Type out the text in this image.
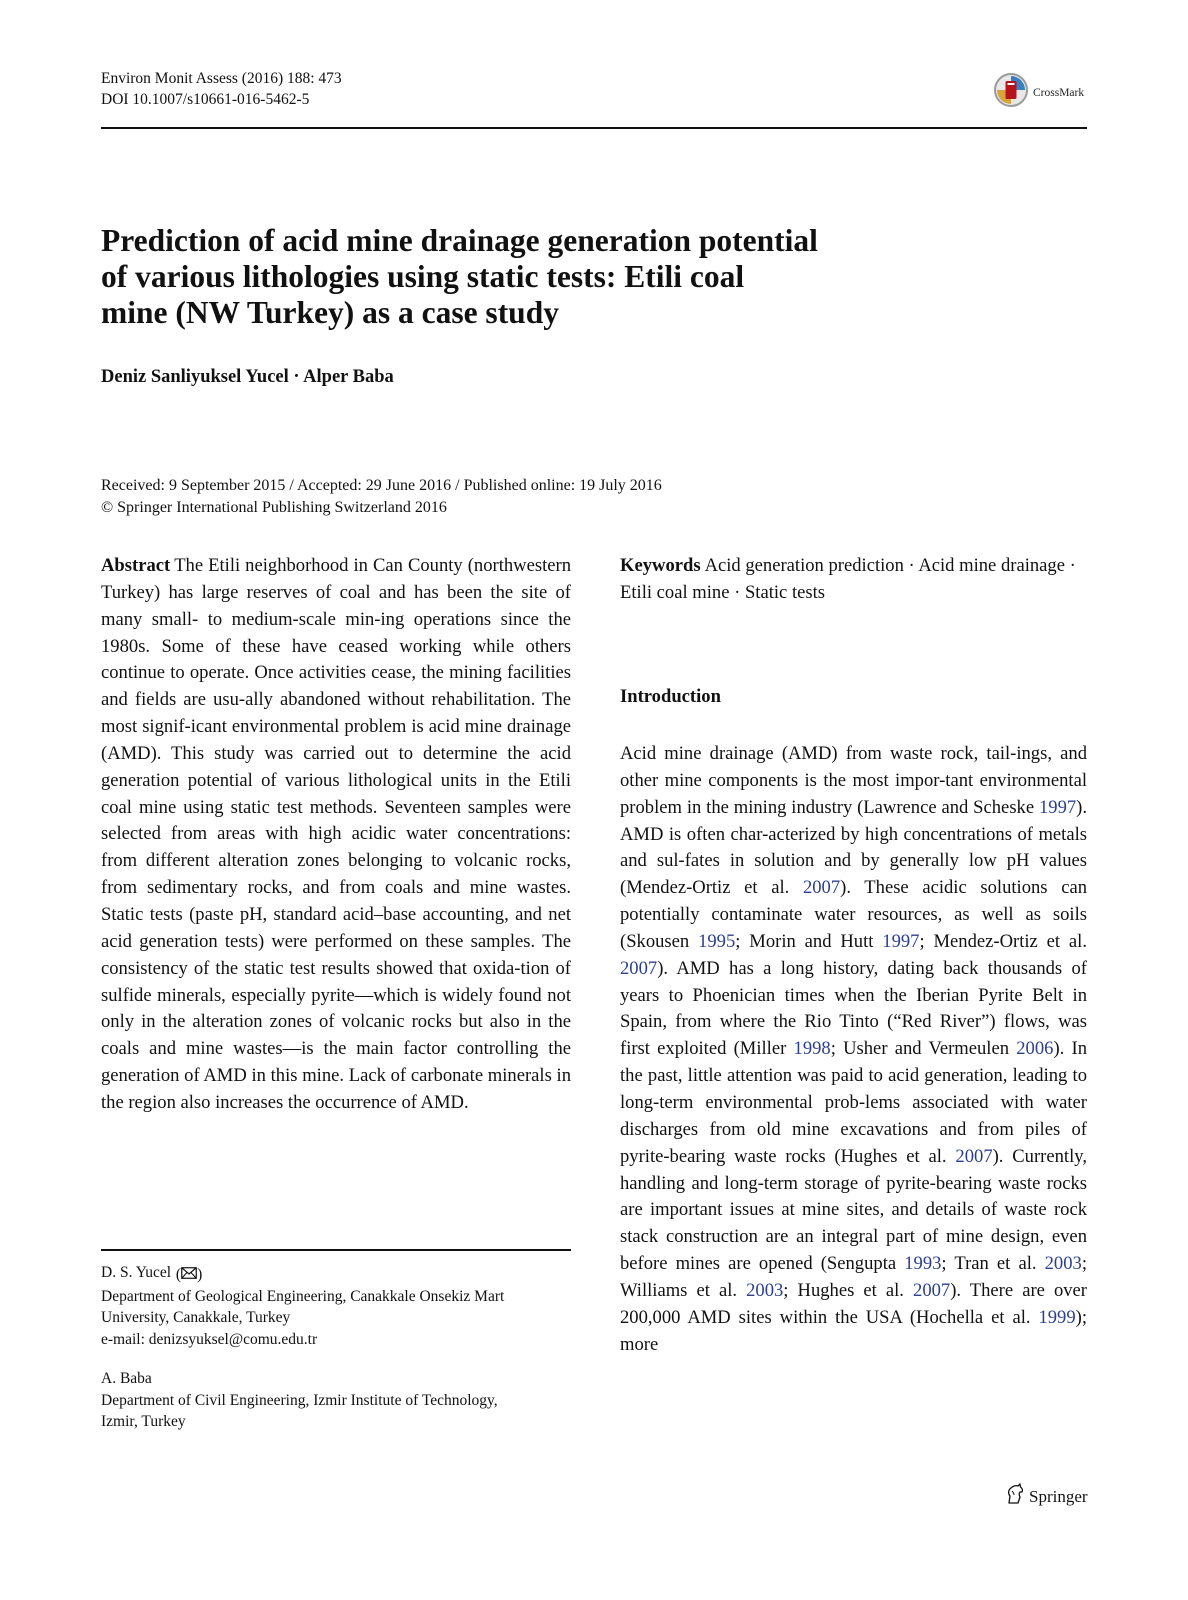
Environ Monit Assess (2016) 188: 473
DOI 10.1007/s10661-016-5462-5	CrossMark
Prediction of acid mine drainage generation potential
of various lithologies using static tests: Etili coal
mine (NW Turkey) as a case study
Deniz Sanliyuksel Yucel · Alper Baba
Received: 9 September 2015 / Accepted: 29 June 2016 / Published online: 19 July 2016
© Springer International Publishing Switzerland 2016

Abstract The Etili neighborhood in Can County (northwestern Turkey) has large reserves of coal and has been the site of many small- to medium-scale min-ing operations since the 1980s. Some of these have ceased working while others continue to operate. Once activities cease, the mining facilities and fields are usu-ally abandoned without rehabilitation. The most signif-icant environmental problem is acid mine drainage (AMD). This study was carried out to determine the acid generation potential of various lithological units in the Etili coal mine using static test methods. Seventeen samples were selected from areas with high acidic water concentrations: from different alteration zones belonging to volcanic rocks, from sedimentary rocks, and from coals and mine wastes. Static tests (paste pH, standard acid–base accounting, and net acid generation tests) were performed on these samples. The consistency of the static test results showed that oxida-tion of sulfide minerals, especially pyrite—which is widely found not only in the alteration zones of volcanic rocks but also in the coals and mine wastes—is the main factor controlling the generation of AMD in this mine. Lack of carbonate minerals in the region also increases the occurrence of AMD.

D. S. Yucel ( )
Department of Geological Engineering, Canakkale Onsekiz Mart
University, Canakkale, Turkey
e-mail: denizsyuksel@comu.edu.tr
A. Baba
Department of Civil Engineering, Izmir Institute of Technology,
Izmir, Turkey

Keywords Acid generation prediction · Acid mine drainage · Etili coal mine · Static tests

Introduction

Acid mine drainage (AMD) from waste rock, tail-ings, and other mine components is the most impor-tant environmental problem in the mining industry (Lawrence and Scheske 1997). AMD is often char-acterized by high concentrations of metals and sul-fates in solution and by generally low pH values (Mendez-Ortiz et al. 2007). These acidic solutions can potentially contaminate water resources, as well as soils (Skousen 1995; Morin and Hutt 1997; Mendez-Ortiz et al. 2007). AMD has a long history, dating back thousands of years to Phoenician times when the Iberian Pyrite Belt in Spain, from where the Rio Tinto (“Red River”) flows, was first exploited (Miller 1998; Usher and Vermeulen 2006). In the past, little attention was paid to acid generation, leading to long-term environmental prob-lems associated with water discharges from old mine excavations and from piles of pyrite-bearing waste rocks (Hughes et al. 2007). Currently, handling and long-term storage of pyrite-bearing waste rocks are important issues at mine sites, and details of waste rock stack construction are an integral part of mine design, even before mines are opened (Sengupta 1993; Tran et al. 2003; Williams et al. 2003; Hughes et al. 2007). There are over 200,000 AMD sites within the USA (Hochella et al. 1999); more

Springer
